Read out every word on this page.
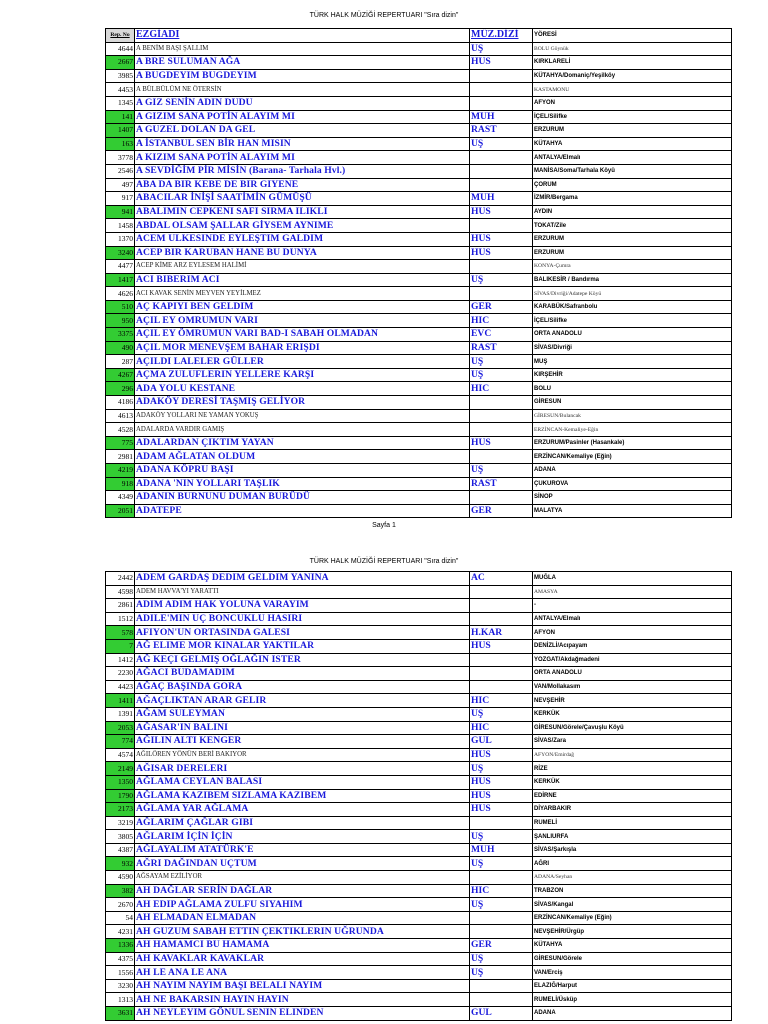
TÜRK HALK MÜZİĞİ REPERTUARI "Sıra dizin"
Rep. No	EZGİADI	MÜZ.DİZİ	YÖRESİ
4644	A BENİM BAŞI ŞALLIM	UŞ	BOLU Göynük
2667	A BRE SULUMAN AĞA	HUS	KIRKLARELİ
3985	A BUGDEYIM BUGDEYIM		KÜTAHYA/Domaniç/Yeşilköy
4453	A BÜLBÜLÜM NE ÖTERSİN		KASTAMONU
1345	A GIZ SENİN ADIN DUDU		AFYON
141	A GIZIM SANA POTİN ALAYIM MI	MUH	İÇEL/Silifke
1407	A GUZEL DOLAN DA GEL	RAST	ERZURUM
163	A İSTANBUL SEN BİR HAN MISIN	UŞ	KÜTAHYA
3778	A KIZIM SANA POTİN ALAYIM MI		ANTALYA/Elmalı
2546	A SEVDİĞİM PİR MİSİN (Barana- Tarhala Hvl.)		MANİSA/Soma/Tarhala Köyü
497	ABA DA BIR KEBE DE BIR GIYENE		ÇORUM
917	ABACILAR İNİŞİ SAATİMİN GÜMÜŞÜ	MUH	İZMİR/Bergama
941	ABALIMIN CEPKENI SAFI SIRMA ILIKLI	HUS	AYDIN
1458	ABDAL OLSAM ŞALLAR GİYSEM AYNIME		TOKAT/Zile
1370	ACEM ULKESINDE EYLEŞTIM GALDIM	HUS	ERZURUM
3240	ACEP BIR KARUBAN HANE BU DUNYA	HUS	ERZURUM
4477	ACEP KİME ARZ EYLESEM HALİMİ		KONYA-Çumra
1417	ACI BIBERIM ACI	UŞ	BALIKESİR / Bandırma
4626	ACI KAVAK SENİN MEYVEN YEYİLMEZ		SİVAS/Divriği/Adatepe Köyü
510	AÇ KAPIYI BEN GELDIM	GER	KARABÜK/Safranbolu
950	AÇIL EY OMRUMUN VARI	HIC	İÇEL/Silifke
3375	AÇIL EY ÖMRUMUN VARI BAD-I SABAH OLMADAN	EVC	ORTA ANADOLU
490	AÇIL MOR MENEVŞEM BAHAR ERIŞDI	RAST	SİVAS/Divriği
287	AÇILDI LALELER GÜLLER	UŞ	MUŞ
4267	AÇMA ZULUFLERIN YELLERE KARŞI	UŞ	KIRŞEHİR
296	ADA YOLU KESTANE	HIC	BOLU
4186	ADAKÖY DERESİ TAŞMIŞ GELİYOR		GİRESUN
4613	ADAKÖY YOLLARI NE YAMAN YOKUŞ		GİRESUN/Bulancak
4528	ADALARDA VARDIR GAMIŞ		ERZİNCAN-Kemaliye-Eğin
775	ADALARDAN ÇIKTIM YAYAN	HUS	ERZURUM/Pasinler (Hasankale)
2981	ADAM AĞLATAN OLDUM		ERZİNCAN/Kemaliye (Eğin)
4219	ADANA KÖPRU BAŞI	UŞ	ADANA
918	ADANA 'NIN YOLLARI TAŞLIK	RAST	ÇUKUROVA
4349	ADANIN BURNUNU DUMAN BURÜDÜ		SİNOP
2051	ADATEPE	GER	MALATYA
Sayfa 1
TÜRK HALK MÜZİĞİ REPERTUARI "Sıra dizin"
2442	ADEM GARDAŞ DEDIM GELDIM YANINA	AC	MUĞLA
4598	ADEM HAVVA'YI YARATTI		AMASYA
2861	ADIM ADIM HAK YOLUNA VARAYIM		-
1512	ADILE'MIN UÇ BONCUKLU HASIRI		ANTALYA/Elmalı
578	AFIYON'UN ORTASINDA GALESI	H.KAR	AFYON
7	AĞ ELIME MOR KINALAR YAKTILAR	HUS	DENİZLİ/Acıpayam
1412	AĞ KEÇI GELMIŞ OĞLAĞIN ISTER		YOZGAT/Akdağmadeni
2230	AĞACI BUDAMADIM		ORTA ANADOLU
4423	AĞAÇ BAŞINDA GORA		VAN/Mollakasım
1411	AĞAÇLIKTAN ARAR GELIR	HIC	NEVŞEHİR
1391	AĞAM SULEYMAN	UŞ	KERKÜK
2053	AĞASAR'IN BALINI	HIC	GİRESUN/Görele/Çavuşlu Köyü
774	AĞILIN ALTI KENGER	GUL	SİVAS/Zara
4574	AĞILÖREN YÖNÜN BERİ BAKIYOR	HUS	AFYON/Emirdağ
2149	AĞISAR DERELERI	UŞ	RİZE
1350	AĞLAMA CEYLAN BALASI	HUS	KERKÜK
1790	AĞLAMA KAZIBEM SIZLAMA KAZIBEM	HUS	EDİRNE
2173	AĞLAMA YAR AĞLAMA	HUS	DİYARBAKIR
3219	AĞLARIM ÇAĞLAR GIBI		RUMELİ
3805	AĞLARIM İÇİN İÇİN	UŞ	ŞANLIURFA
4387	AĞLAYALIM ATATÜRK'E	MUH	SİVAS/Şarkışla
932	AĞRI DAĞINDAN UÇTUM	UŞ	AĞRI
4590	AĞSAYAM EZİLİYOR		ADANA/Seyhan
382	AH DAĞLAR SERİN DAĞLAR	HIC	TRABZON
2670	AH EDIP AĞLAMA ZULFU SIYAHIM	UŞ	SİVAS/Kangal
54	AH ELMADAN ELMADAN		ERZİNCAN/Kemaliye (Eğin)
4231	AH GUZUM SABAH ETTIN ÇEKTIKLERIN UĞRUNDA		NEVŞEHİR/Ürgüp
1336	AH HAMAMCI BU HAMAMA	GER	KÜTAHYA
4375	AH KAVAKLAR KAVAKLAR	UŞ	GİRESUN/Görele
1556	AH LE ANA LE ANA	UŞ	VAN/Erciş
3230	AH NAYIM NAYIM BAŞI BELALI NAYIM		ELAZIĞ/Harput
1313	AH NE BAKARSIN HAYIN HAYIN		RUMELİ/Üsküp
3631	AH NEYLEYIM GÖNUL SENIN ELINDEN	GUL	ADANA
